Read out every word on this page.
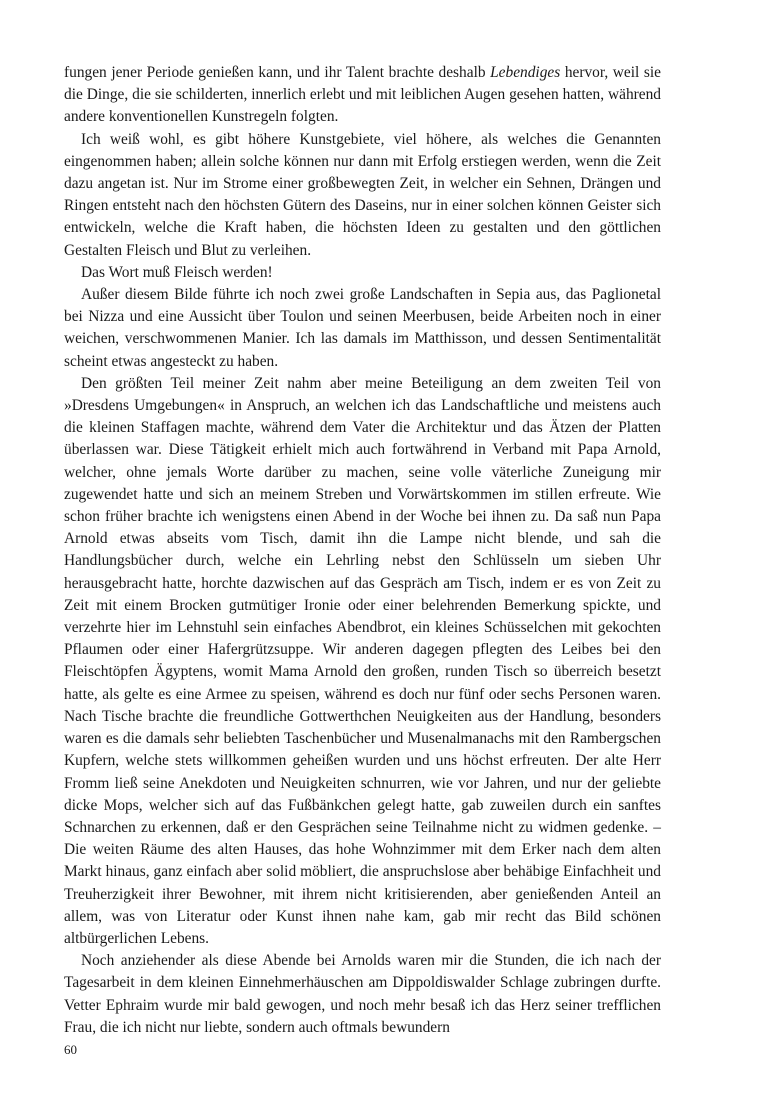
fungen jener Periode genießen kann, und ihr Talent brachte deshalb Lebendiges hervor, weil sie die Dinge, die sie schilderten, innerlich erlebt und mit leiblichen Augen gesehen hatten, während andere konventionellen Kunstregeln folgten.

Ich weiß wohl, es gibt höhere Kunstgebiete, viel höhere, als welches die Genannten eingenommen haben; allein solche können nur dann mit Erfolg erstiegen werden, wenn die Zeit dazu angetan ist. Nur im Strome einer großbewegten Zeit, in welcher ein Sehnen, Drängen und Ringen entsteht nach den höchsten Gütern des Daseins, nur in einer solchen können Geister sich entwickeln, welche die Kraft haben, die höchsten Ideen zu gestalten und den göttlichen Gestalten Fleisch und Blut zu verleihen.

Das Wort muß Fleisch werden!

Außer diesem Bilde führte ich noch zwei große Landschaften in Sepia aus, das Paglionetal bei Nizza und eine Aussicht über Toulon und seinen Meerbusen, beide Arbeiten noch in einer weichen, verschwommenen Manier. Ich las damals im Matthisson, und dessen Sentimentalität scheint etwas angesteckt zu haben.

Den größten Teil meiner Zeit nahm aber meine Beteiligung an dem zweiten Teil von »Dresdens Umgebungen« in Anspruch, an welchen ich das Landschaftliche und meistens auch die kleinen Staffagen machte, während dem Vater die Architektur und das Ätzen der Platten überlassen war. Diese Tätigkeit erhielt mich auch fortwährend in Verband mit Papa Arnold, welcher, ohne jemals Worte darüber zu machen, seine volle väterliche Zuneigung mir zugewendet hatte und sich an meinem Streben und Vorwärtskommen im stillen erfreute. Wie schon früher brachte ich wenigstens einen Abend in der Woche bei ihnen zu. Da saß nun Papa Arnold etwas abseits vom Tisch, damit ihn die Lampe nicht blende, und sah die Handlungsbücher durch, welche ein Lehrling nebst den Schlüsseln um sieben Uhr herausgebracht hatte, horchte dazwischen auf das Gespräch am Tisch, indem er es von Zeit zu Zeit mit einem Brocken gutmütiger Ironie oder einer belehrenden Bemerkung spickte, und verzehrte hier im Lehnstuhl sein einfaches Abendbrot, ein kleines Schüsselchen mit gekochten Pflaumen oder einer Hafergrützsuppe. Wir anderen dagegen pflegten des Leibes bei den Fleischtöpfen Ägyptens, womit Mama Arnold den großen, runden Tisch so überreich besetzt hatte, als gelte es eine Armee zu speisen, während es doch nur fünf oder sechs Personen waren. Nach Tische brachte die freundliche Gottwerthchen Neuigkeiten aus der Handlung, besonders waren es die damals sehr beliebten Taschenbücher und Musenalmanachs mit den Rambergschen Kupfern, welche stets willkommen geheißen wurden und uns höchst erfreuten. Der alte Herr Fromm ließ seine Anekdoten und Neuigkeiten schnurren, wie vor Jahren, und nur der geliebte dicke Mops, welcher sich auf das Fußbänkchen gelegt hatte, gab zuweilen durch ein sanftes Schnarchen zu erkennen, daß er den Gesprächen seine Teilnahme nicht zu widmen gedenke. – Die weiten Räume des alten Hauses, das hohe Wohnzimmer mit dem Erker nach dem alten Markt hinaus, ganz einfach aber solid möbliert, die anspruchslose aber behäbige Einfachheit und Treuherzigkeit ihrer Bewohner, mit ihrem nicht kritisierenden, aber genießenden Anteil an allem, was von Literatur oder Kunst ihnen nahe kam, gab mir recht das Bild schönen altbürgerlichen Lebens.

Noch anziehender als diese Abende bei Arnolds waren mir die Stunden, die ich nach der Tagesarbeit in dem kleinen Einnehmerhäuschen am Dippoldiswalder Schlage zubringen durfte. Vetter Ephraim wurde mir bald gewogen, und noch mehr besaß ich das Herz seiner trefflichen Frau, die ich nicht nur liebte, sondern auch oftmals bewundern

60
